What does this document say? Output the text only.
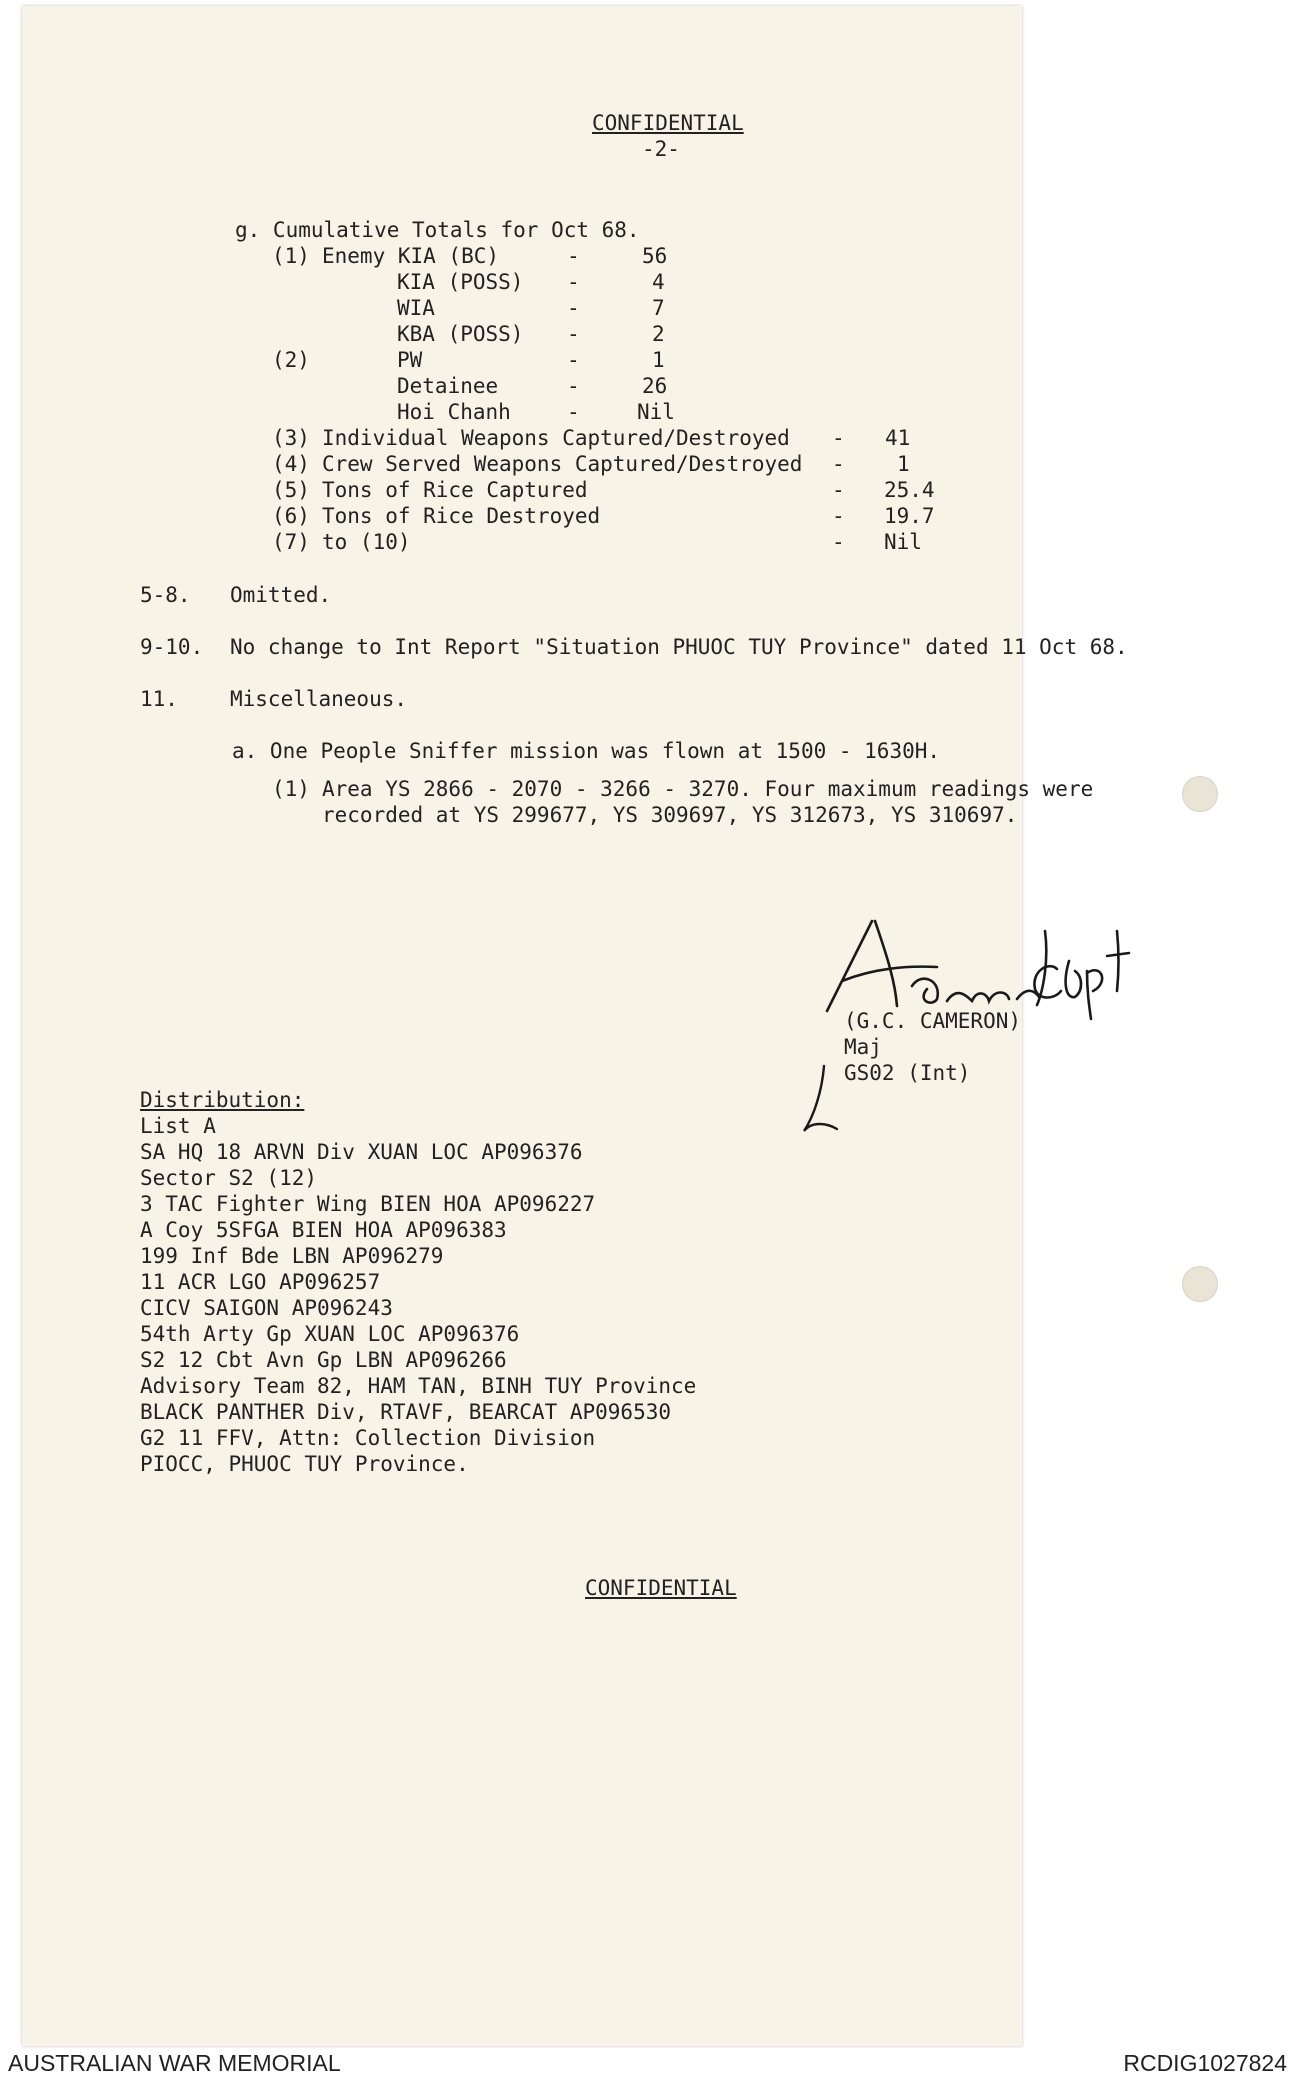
CONFIDENTIAL
-2-
g. Cumulative Totals for Oct 68.
(1) Enemy KIA (BC)	-	56
KIA (POSS) -	4
WIA	-	7
KBA (POSS) -	2
(2)	PW	-	1
Detainee	-	26
Hoi Chanh	-	Nil
(3) Individual Weapons Captured/Destroyed - 41
(4) Crew Served Weapons Captured/Destroyed - 1
(5) Tons of Rice Captured	- 25.4
(6) Tons of Rice Destroyed	- 19.7
(7) to (10)	- Nil
5-8. Omitted.
9-10. No change to Int Report "Situation PHUOC TUY Province" dated 11 Oct 68.
11. Miscellaneous.
a. One People Sniffer mission was flown at 1500 - 1630H.
(1) Area YS 2866 - 2070 - 3266 - 3270. Four maximum readings were
recorded at YS 299677, YS 309697, YS 312673, YS 310697.
(G.C. CAMERON)
Maj
GS02 (Int)
Distribution:
List A
SA HQ 18 ARVN Div XUAN LOC AP096376
Sector S2 (12)
3 TAC Fighter Wing BIEN HOA AP096227
A Coy 5SFGA BIEN HOA AP096383
199 Inf Bde LBN AP096279
11 ACR LGO AP096257
CICV SAIGON AP096243
54th Arty Gp XUAN LOC AP096376
S2 12 Cbt Avn Gp LBN AP096266
Advisory Team 82, HAM TAN, BINH TUY Province
BLACK PANTHER Div, RTAVF, BEARCAT AP096530
G2 11 FFV, Attn: Collection Division
PIOCC, PHUOC TUY Province.
CONFIDENTIAL
AUSTRALIAN WAR MEMORIAL	RCDIG1027824
